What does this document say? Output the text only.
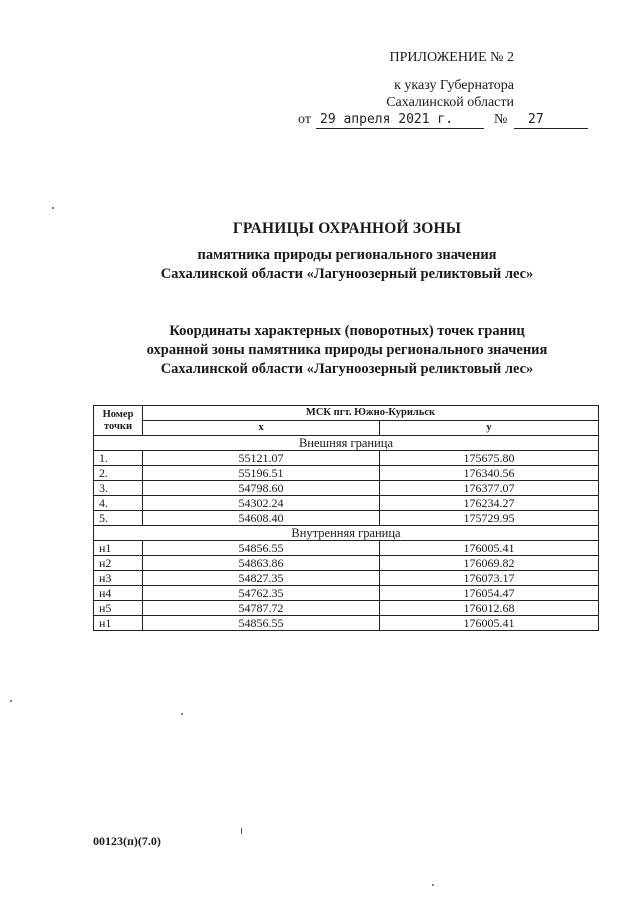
ПРИЛОЖЕНИЕ № 2
к указу Губернатора
Сахалинской области
от 29 апреля 2021 г.	№	27
ГРАНИЦЫ ОХРАННОЙ ЗОНЫ
памятника природы регионального значения
Сахалинской области «Лагуноозерный реликтовый лес»
Координаты характерных (поворотных) точек границ
охранной зоны памятника природы регионального значения
Сахалинской области «Лагуноозерный реликтовый лес»
Номер точки	МСК пгт. Южно-Курильск	
	х	у
Внешняя граница		
1.	55121.07	175675.80
2.	55196.51	176340.56
3.	54798.60	176377.07
4.	54302.24	176234.27
5.	54608.40	175729.95
Внутренняя граница		
н1	54856.55	176005.41
н2	54863.86	176069.82
н3	54827.35	176073.17
н4	54762.35	176054.47
н5	54787.72	176012.68
н1	54856.55	176005.41
00123(п)(7.0)
